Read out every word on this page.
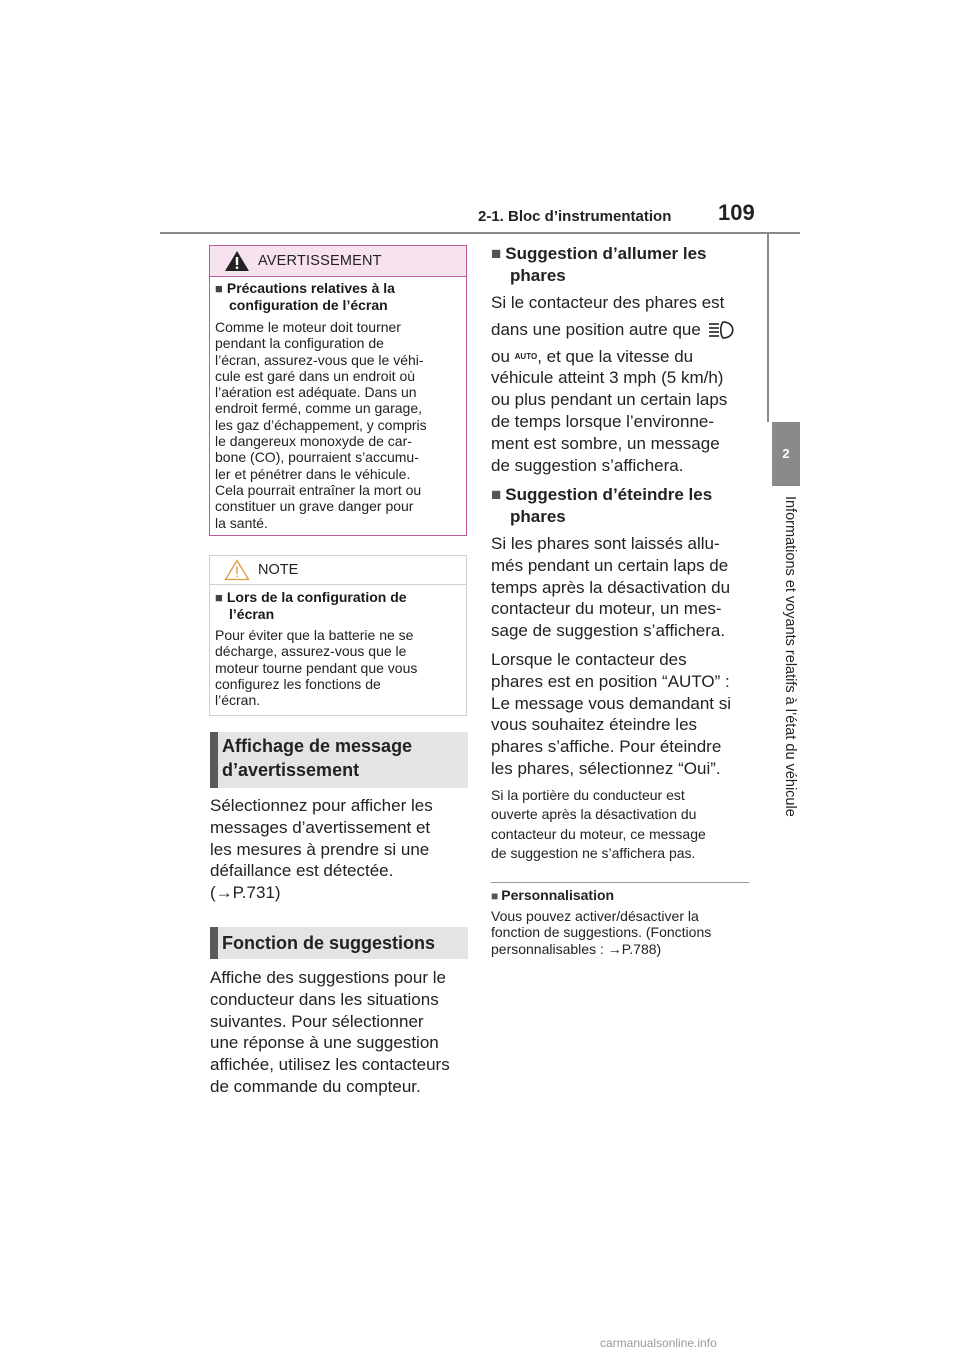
2-1. Bloc d’instrumentation 109
2
Informations et voyants relatifs à l’état du véhicule
AVERTISSEMENT
■ Précautions relatives à la
configuration de l’écran
Comme le moteur doit tourner
pendant la configuration de
l’écran, assurez-vous que le véhi-
cule est garé dans un endroit où
l’aération est adéquate. Dans un
endroit fermé, comme un garage,
les gaz d’échappement, y compris
le dangereux monoxyde de car-
bone (CO), pourraient s’accumu-
ler et pénétrer dans le véhicule.
Cela pourrait entraîner la mort ou
constituer un grave danger pour
la santé.
NOTE
■ Lors de la configuration de
l’écran
Pour éviter que la batterie ne se
décharge, assurez-vous que le
moteur tourne pendant que vous
configurez les fonctions de
l’écran.
Affichage de message
d’avertissement
Sélectionnez pour afficher les
messages d’avertissement et
les mesures à prendre si une
défaillance est détectée.
(→P.731)
Fonction de suggestions
Affiche des suggestions pour le
conducteur dans les situations
suivantes. Pour sélectionner
une réponse à une suggestion
affichée, utilisez les contacteurs
de commande du compteur.
■ Suggestion d’allumer les
phares
Si le contacteur des phares est
dans une position autre que
ou AUTO, et que la vitesse du
véhicule atteint 3 mph (5 km/h)
ou plus pendant un certain laps
de temps lorsque l’environne-
ment est sombre, un message
de suggestion s’affichera.
■ Suggestion d’éteindre les
phares
Si les phares sont laissés allu-
més pendant un certain laps de
temps après la désactivation du
contacteur du moteur, un mes-
sage de suggestion s’affichera.
Lorsque le contacteur des
phares est en position “AUTO” :
Le message vous demandant si
vous souhaitez éteindre les
phares s’affiche. Pour éteindre
les phares, sélectionnez “Oui”.
Si la portière du conducteur est
ouverte après la désactivation du
contacteur du moteur, ce message
de suggestion ne s’affichera pas.
■ Personnalisation
Vous pouvez activer/désactiver la
fonction de suggestions. (Fonctions
personnalisables : →P.788)
carmanualsonline.info
